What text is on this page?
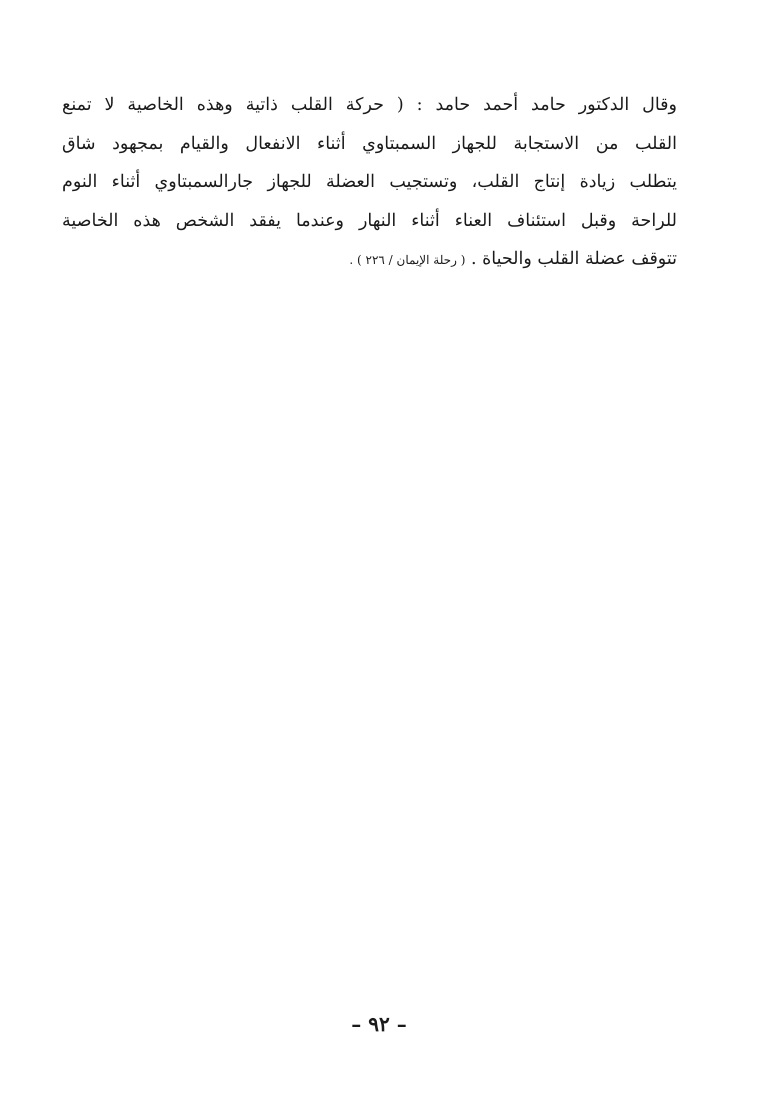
وقال الدكتور حامد أحمد حامد : ( حركة القلب ذاتية وهذه الخاصية لا تمنع
القلب من الاستجابة للجهاز السمبتاوي أثناء الانفعال والقيام بمجهود شاق
يتطلب زيادة إنتاج القلب، وتستجيب العضلة للجهاز جارالسمبتاوي أثناء النوم
للراحة وقبل استئناف العناء أثناء النهار وعندما يفقد الشخص هذه الخاصية
تتوقف عضلة القلب والحياة . ( رحلة الإيمان / ٢٢٦ ) .
– ٩٢ –
